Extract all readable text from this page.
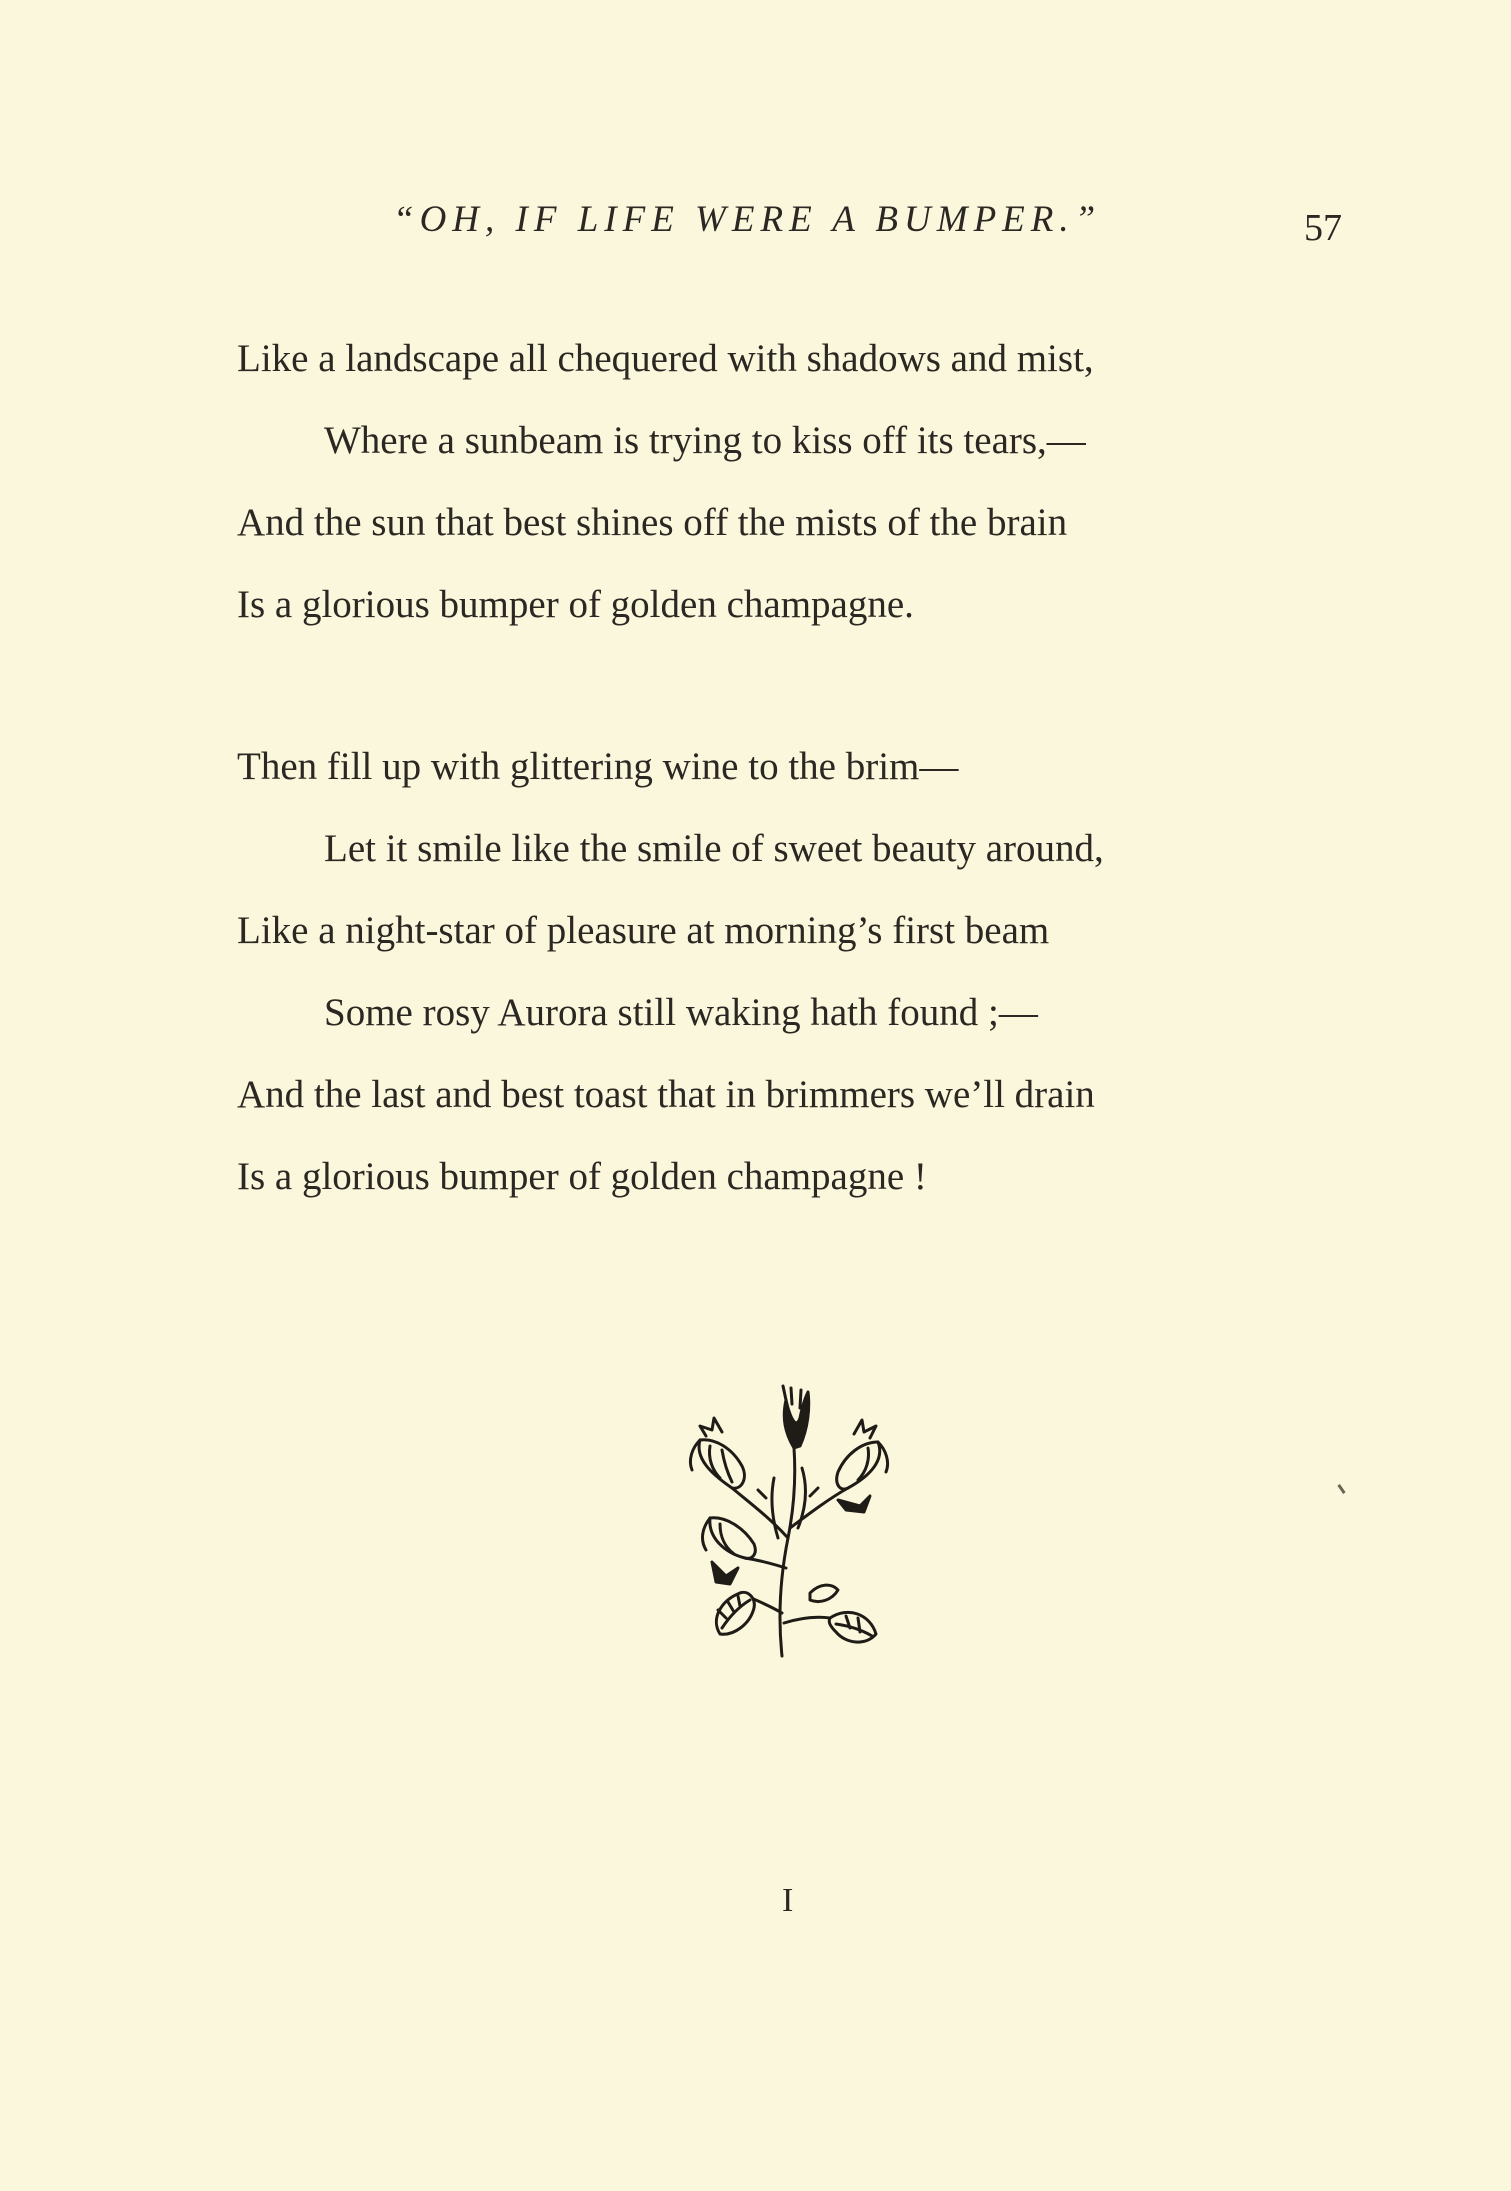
“OH, IF LIFE WERE A BUMPER.”	57
Like a landscape all chequered with shadows and mist,
Where a sunbeam is trying to kiss off its tears,—
And the sun that best shines off the mists of the brain
Is a glorious bumper of golden champagne.
Then fill up with glittering wine to the brim—
Let it smile like the smile of sweet beauty around,
Like a night-star of pleasure at morning’s first beam
Some rosy Aurora still waking hath found ;—
And the last and best toast that in brimmers we’ll drain
Is a glorious bumper of golden champagne !
I
